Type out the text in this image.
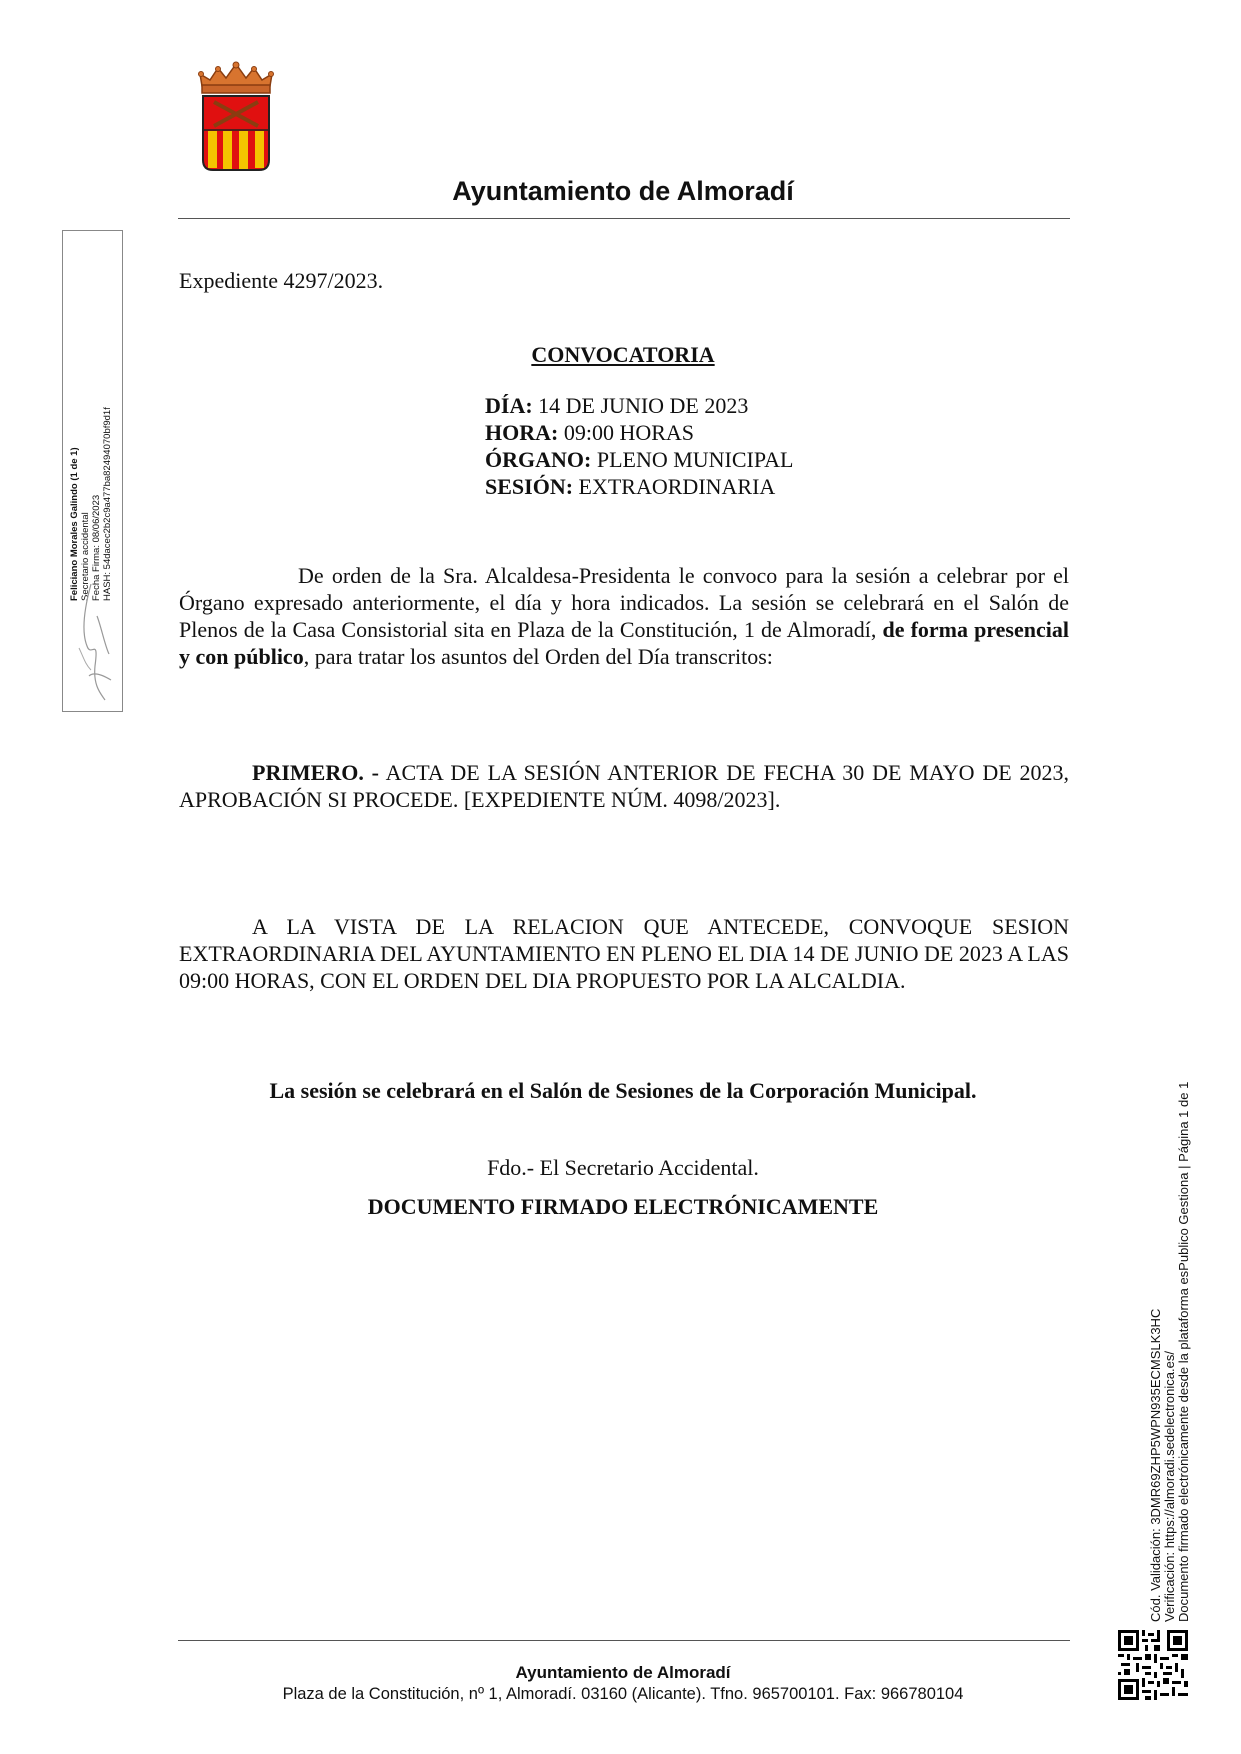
Ayuntamiento de Almoradí
Feliciano Morales Galindo (1 de 1) Secretario accidental Fecha Firma: 08/06/2023 HASH: 54dacec2b2c9a477ba82494070bf9d1f
Expediente 4297/2023.
CONVOCATORIA
DÍA: 14 DE JUNIO DE 2023
HORA: 09:00 HORAS
ÓRGANO: PLENO MUNICIPAL
SESIÓN: EXTRAORDINARIA
De orden de la Sra. Alcaldesa-Presidenta le convoco para la sesión a celebrar por el Órgano expresado anteriormente, el día y hora indicados. La sesión se celebrará en el Salón de Plenos de la Casa Consistorial sita en Plaza de la Constitución, 1 de Almoradí, de forma presencial y con público, para tratar los asuntos del Orden del Día transcritos:
PRIMERO. - ACTA DE LA SESIÓN ANTERIOR DE FECHA 30 DE MAYO DE 2023, APROBACIÓN SI PROCEDE. [EXPEDIENTE NÚM. 4098/2023].
A LA VISTA DE LA RELACION QUE ANTECEDE, CONVOQUE SESION EXTRAORDINARIA DEL AYUNTAMIENTO EN PLENO EL DIA 14 DE JUNIO DE 2023 A LAS 09:00 HORAS, CON EL ORDEN DEL DIA PROPUESTO POR LA ALCALDIA.
La sesión se celebrará en el Salón de Sesiones de la Corporación Municipal.
Fdo.- El Secretario Accidental.
DOCUMENTO FIRMADO ELECTRÓNICAMENTE
Cód. Validación: 3DMR69ZHP5WPN935ECMSLK3HC Verificación: https://almoradi.sedelectronica.es/ Documento firmado electrónicamente desde la plataforma esPublico Gestiona | Página 1 de 1
Ayuntamiento de Almoradí
Plaza de la Constitución, nº 1, Almoradí. 03160 (Alicante). Tfno. 965700101. Fax: 966780104
